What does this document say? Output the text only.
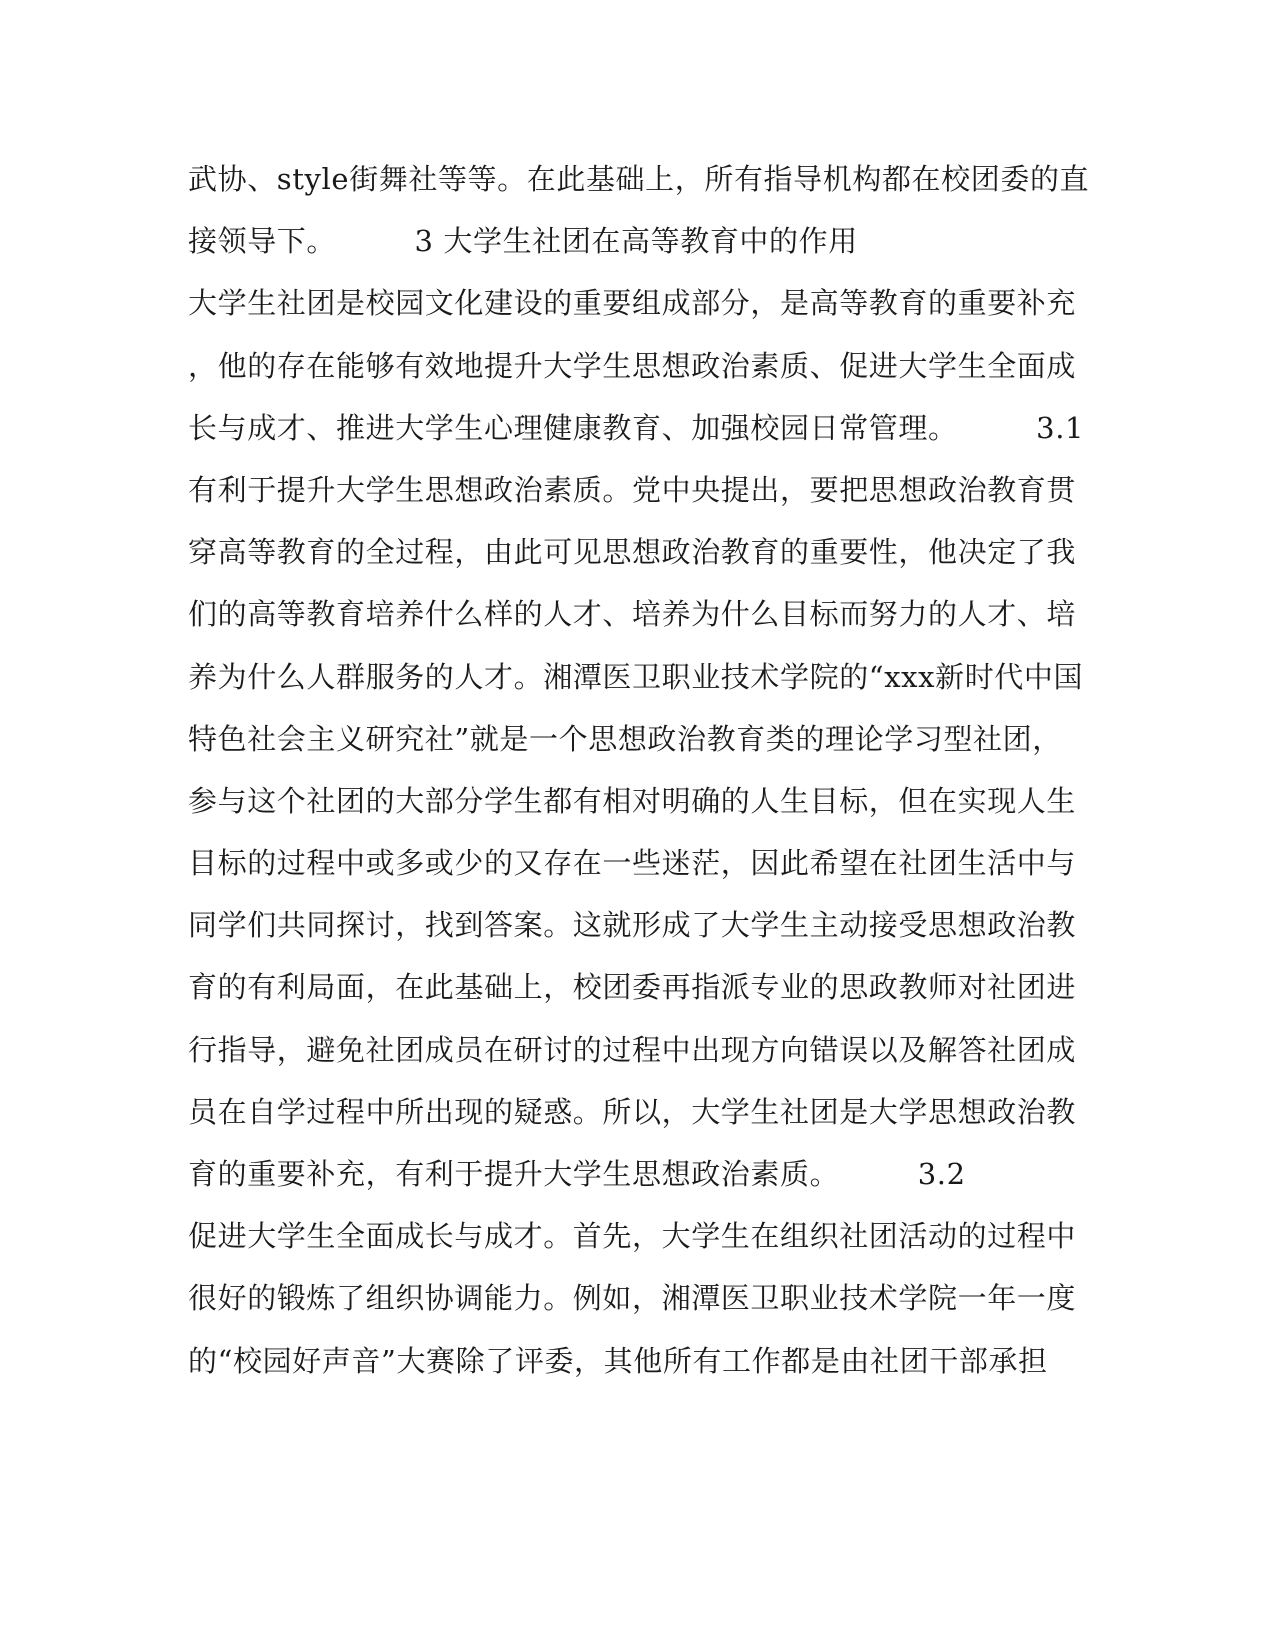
武协、style街舞社等等。在此基础上，所有指导机构都在校团委的直
接领导下。        3 大学生社团在高等教育中的作用
大学生社团是校园文化建设的重要组成部分，是高等教育的重要补充
，他的存在能够有效地提升大学生思想政治素质、促进大学生全面成
长与成才、推进大学生心理健康教育、加强校园日常管理。        3.1
有利于提升大学生思想政治素质。党中央提出，要把思想政治教育贯
穿高等教育的全过程，由此可见思想政治教育的重要性，他决定了我
们的高等教育培养什么样的人才、培养为什么目标而努力的人才、培
养为什么人群服务的人才。湘潭医卫职业技术学院的“xxx新时代中国
特色社会主义研究社”就是一个思想政治教育类的理论学习型社团，
参与这个社团的大部分学生都有相对明确的人生目标，但在实现人生
目标的过程中或多或少的又存在一些迷茫，因此希望在社团生活中与
同学们共同探讨，找到答案。这就形成了大学生主动接受思想政治教
育的有利局面，在此基础上，校团委再指派专业的思政教师对社团进
行指导，避免社团成员在研讨的过程中出现方向错误以及解答社团成
员在自学过程中所出现的疑惑。所以，大学生社团是大学思想政治教
育的重要补充，有利于提升大学生思想政治素质。        3.2
促进大学生全面成长与成才。首先，大学生在组织社团活动的过程中
很好的锻炼了组织协调能力。例如，湘潭医卫职业技术学院一年一度
的“校园好声音”大赛除了评委，其他所有工作都是由社团干部承担
